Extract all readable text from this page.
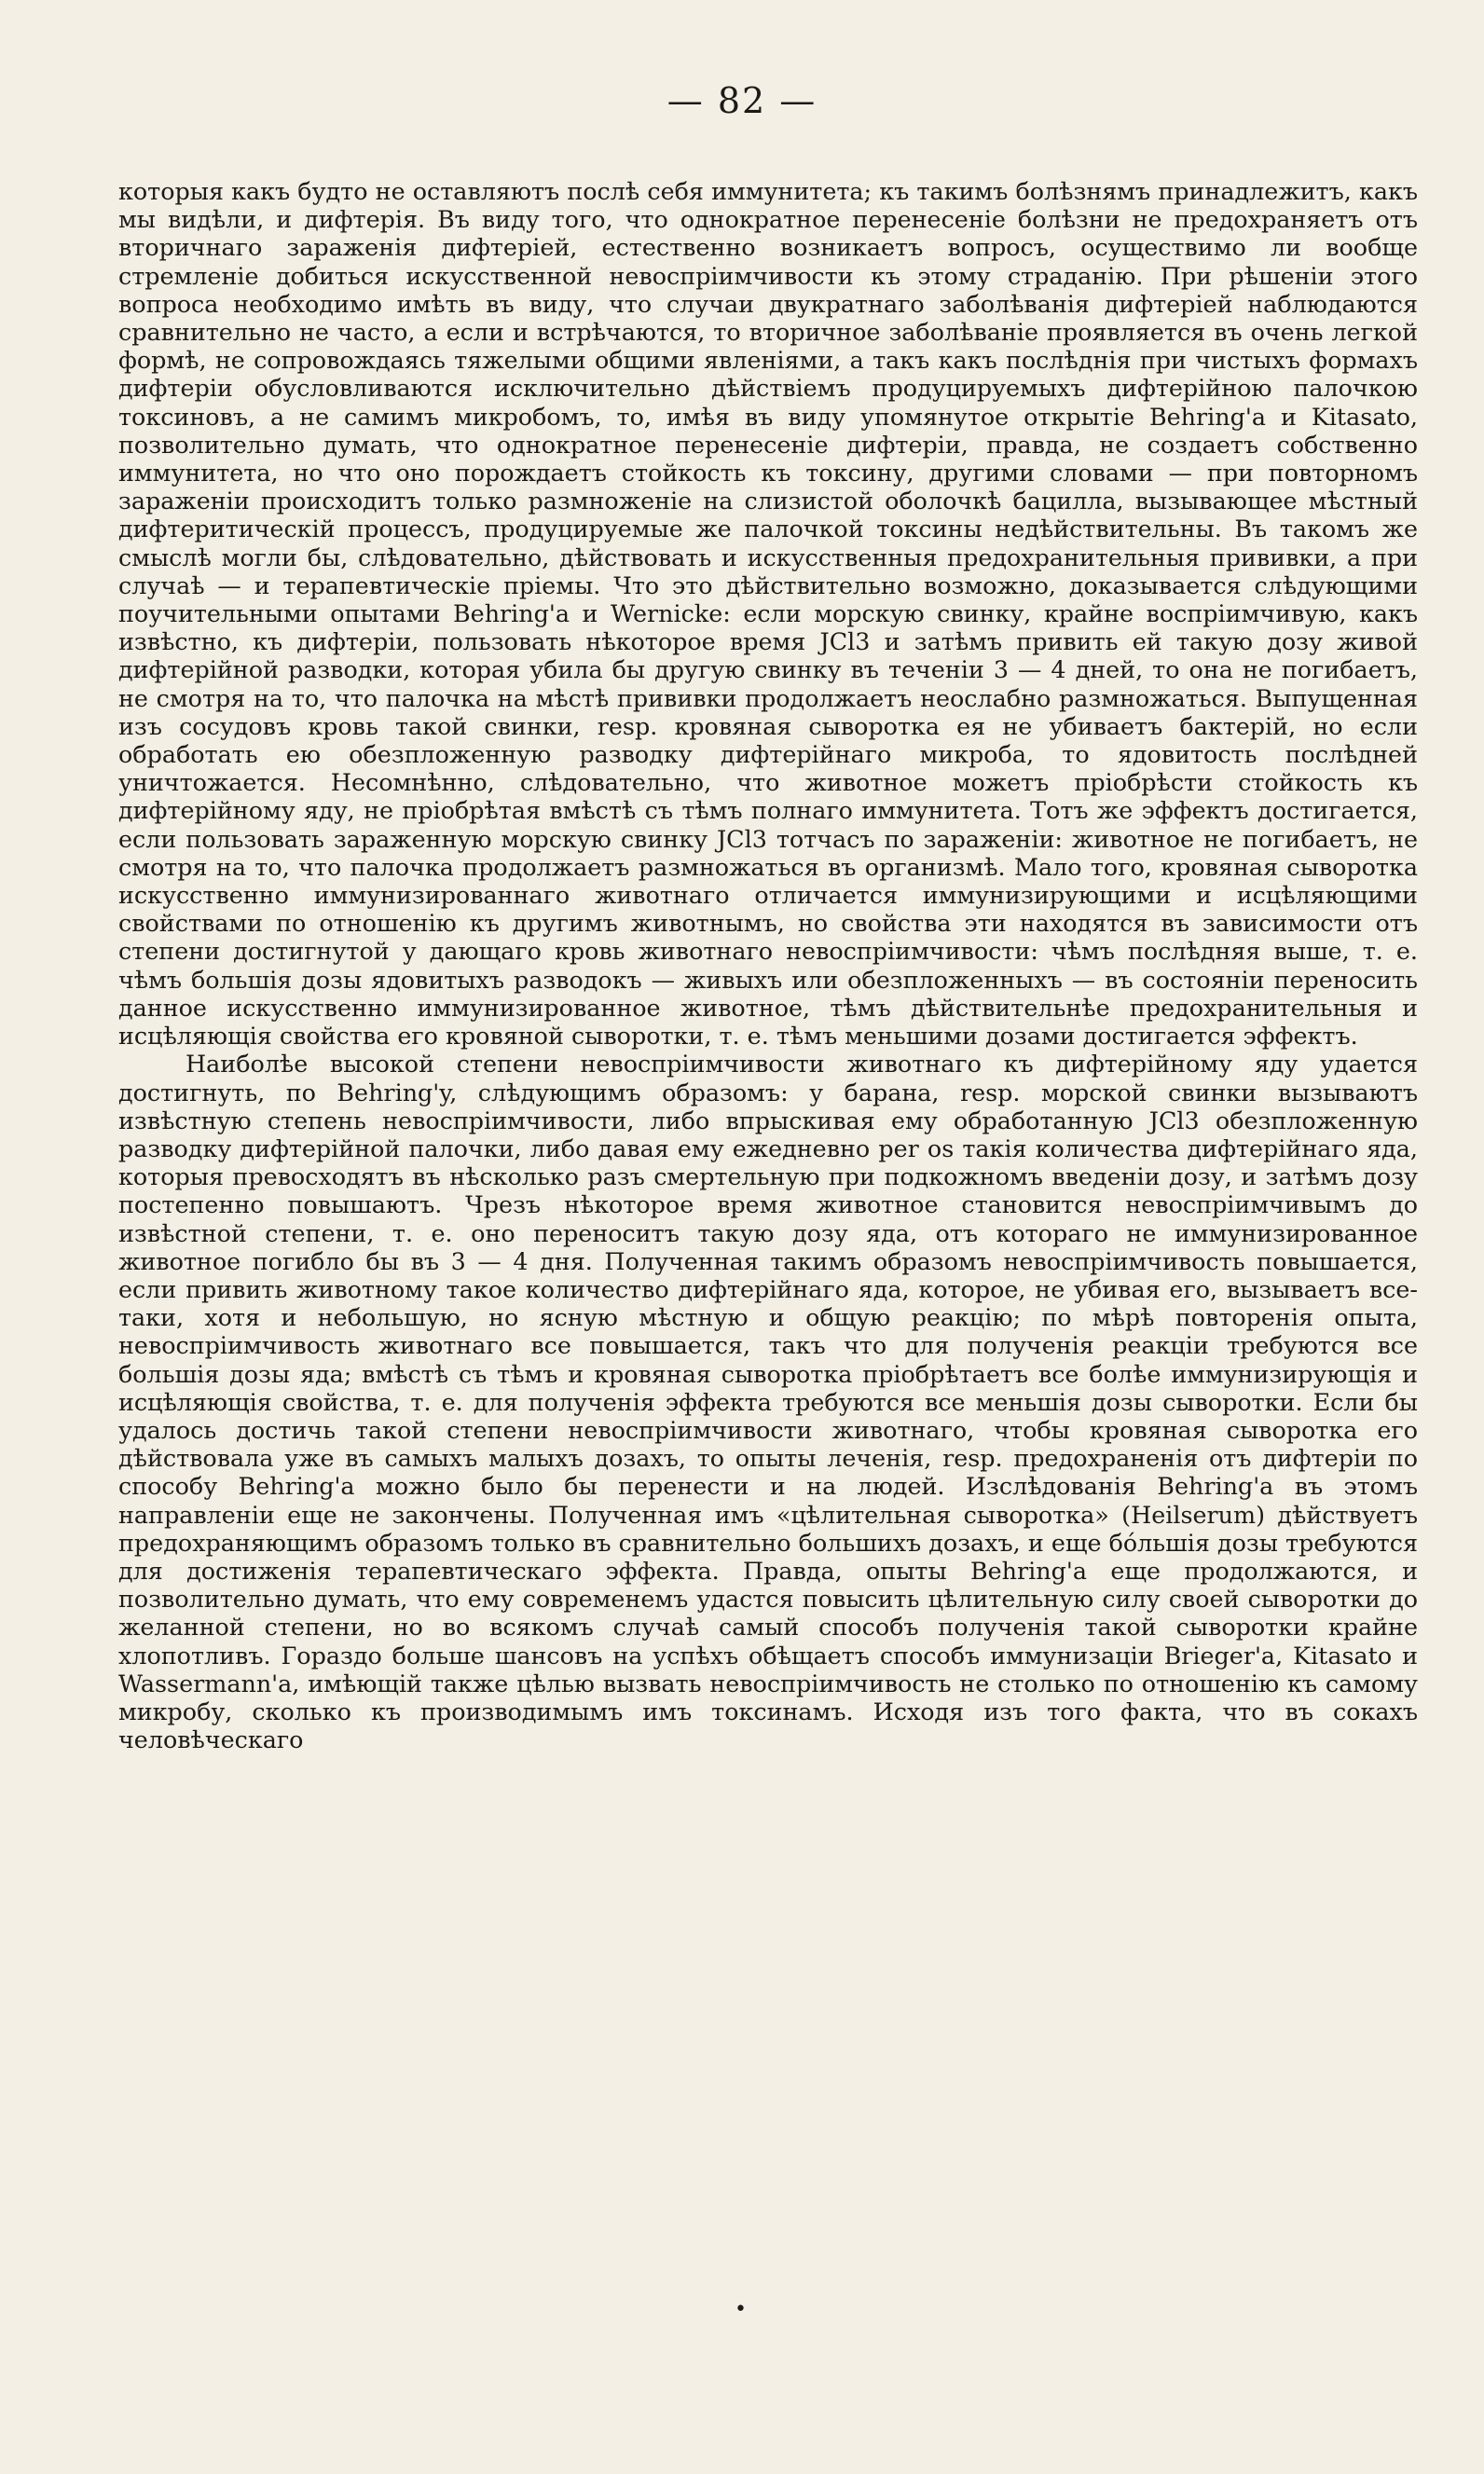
— 82 —

которыя какъ будто не оставляютъ послѣ себя иммунитета; къ такимъ болѣзнямъ принадлежитъ, какъ мы видѣли, и дифтерія. Въ виду того, что однократное перенесеніе болѣзни не предохраняетъ отъ вторичнаго зараженія дифтеріей, естественно возникаетъ вопросъ, осуществимо ли вообще стремленіе добиться искусственной невоспріимчивости къ этому страданію. При рѣшеніи этого вопроса необходимо имѣть въ виду, что случаи двукратнаго заболѣванія дифтеріей наблюдаются сравнительно не часто, а если и встрѣчаются, то вторичное заболѣваніе проявляется въ очень легкой формѣ, не сопровождаясь тяжелыми общими явленіями, а такъ какъ послѣднія при чистыхъ формахъ дифтеріи обусловливаются исключительно дѣйствіемъ продуцируемыхъ дифтерійною палочкою токсиновъ, а не самимъ микробомъ, то, имѣя въ виду упомянутое открытіе Behring'a и Kitasato, позволительно думать, что однократное перенесеніе дифтеріи, правда, не создаетъ собственно иммунитета, но что оно порождаетъ стойкость къ токсину, другими словами — при повторномъ зараженіи происходитъ только размноженіе на слизистой оболочкѣ бацилла, вызывающее мѣстный дифтеритическій процессъ, продуцируемые же палочкой токсины недѣйствительны. Въ такомъ же смыслѣ могли бы, слѣдовательно, дѣйствовать и искусственныя предохранительныя прививки, а при случаѣ — и терапевтическіе пріемы. Что это дѣйствительно возможно, доказывается слѣдующими поучительными опытами Behring'a и Wernicke: если морскую свинку, крайне воспріимчивую, какъ извѣстно, къ дифтеріи, пользовать нѣкоторое время JCl3 и затѣмъ привить ей такую дозу живой дифтерійной разводки, которая убила бы другую свинку въ теченіи 3 — 4 дней, то она не погибаетъ, не смотря на то, что палочка на мѣстѣ прививки продолжаетъ неослабно размножаться. Выпущенная изъ сосудовъ кровь такой свинки, resp. кровяная сыворотка ея не убиваетъ бактерій, но если обработать ею обезпложенную разводку дифтерійнаго микроба, то ядовитость послѣдней уничтожается. Несомнѣнно, слѣдовательно, что животное можетъ пріобрѣсти стойкость къ дифтерійному яду, не пріобрѣтая вмѣстѣ съ тѣмъ полнаго иммунитета. Тотъ же эффектъ достигается, если пользовать зараженную морскую свинку JCl3 тотчасъ по зараженіи: животное не погибаетъ, не смотря на то, что палочка продолжаетъ размножаться въ организмѣ. Мало того, кровяная сыворотка искусственно иммунизированнаго животнаго отличается иммунизирующими и исцѣляющими свойствами по отношенію къ другимъ животнымъ, но свойства эти находятся въ зависимости отъ степени достигнутой у дающаго кровь животнаго невоспріимчивости: чѣмъ послѣдняя выше, т. е. чѣмъ большія дозы ядовитыхъ разводокъ — живыхъ или обезпложенныхъ — въ состояніи переносить данное искусственно иммунизированное животное, тѣмъ дѣйствительнѣе предохранительныя и исцѣляющія свойства его кровяной сыворотки, т. е. тѣмъ меньшими дозами достигается эффектъ.

Наиболѣе высокой степени невоспріимчивости животнаго къ дифтерійному яду удается достигнуть, по Behring'y, слѣдующимъ образомъ: у барана, resp. морской свинки вызываютъ извѣстную степень невоспріимчивости, либо впрыскивая ему обработанную JCl3 обезпложенную разводку дифтерійной палочки, либо давая ему ежедневно per os такія количества дифтерійнаго яда, которыя превосходятъ въ нѣсколько разъ смертельную при подкожномъ введеніи дозу, и затѣмъ дозу постепенно повышаютъ. Чрезъ нѣкоторое время животное становится невоспріимчивымъ до извѣстной степени, т. е. оно переноситъ такую дозу яда, отъ котораго не иммунизированное животное погибло бы въ 3 — 4 дня. Полученная такимъ образомъ невоспріимчивость повышается, если привить животному такое количество дифтерійнаго яда, которое, не убивая его, вызываетъ все-таки, хотя и небольшую, но ясную мѣстную и общую реакцію; по мѣрѣ повторенія опыта, невоспріимчивость животнаго все повышается, такъ что для полученія реакціи требуются все большія дозы яда; вмѣстѣ съ тѣмъ и кровяная сыворотка пріобрѣтаетъ все болѣе иммунизирующія и исцѣляющія свойства, т. е. для полученія эффекта требуются все меньшія дозы сыворотки. Если бы удалось достичь такой степени невоспріимчивости животнаго, чтобы кровяная сыворотка его дѣйствовала уже въ самыхъ малыхъ дозахъ, то опыты леченія, resp. предохраненія отъ дифтеріи по способу Behring'a можно было бы перенести и на людей. Изслѣдованія Behring'a въ этомъ направленіи еще не закончены. Полученная имъ «цѣлительная сыворотка» (Heilserum) дѣйствуетъ предохраняющимъ образомъ только въ сравнительно большихъ дозахъ, и еще бóльшія дозы требуются для достиженія терапевтическаго эффекта. Правда, опыты Behring'a еще продолжаются, и позволительно думать, что ему современемъ удастся повысить цѣлительную силу своей сыворотки до желанной степени, но во всякомъ случаѣ самый способъ полученія такой сыворотки крайне хлопотливъ. Гораздо больше шансовъ на успѣхъ обѣщаетъ способъ иммунизаціи Brieger'a, Kitasato и Wassermann'a, имѣющій также цѣлью вызвать невоспріимчивость не столько по отношенію къ самому микробу, сколько къ производимымъ имъ токсинамъ. Исходя изъ того факта, что въ сокахъ человѣческаго

•
